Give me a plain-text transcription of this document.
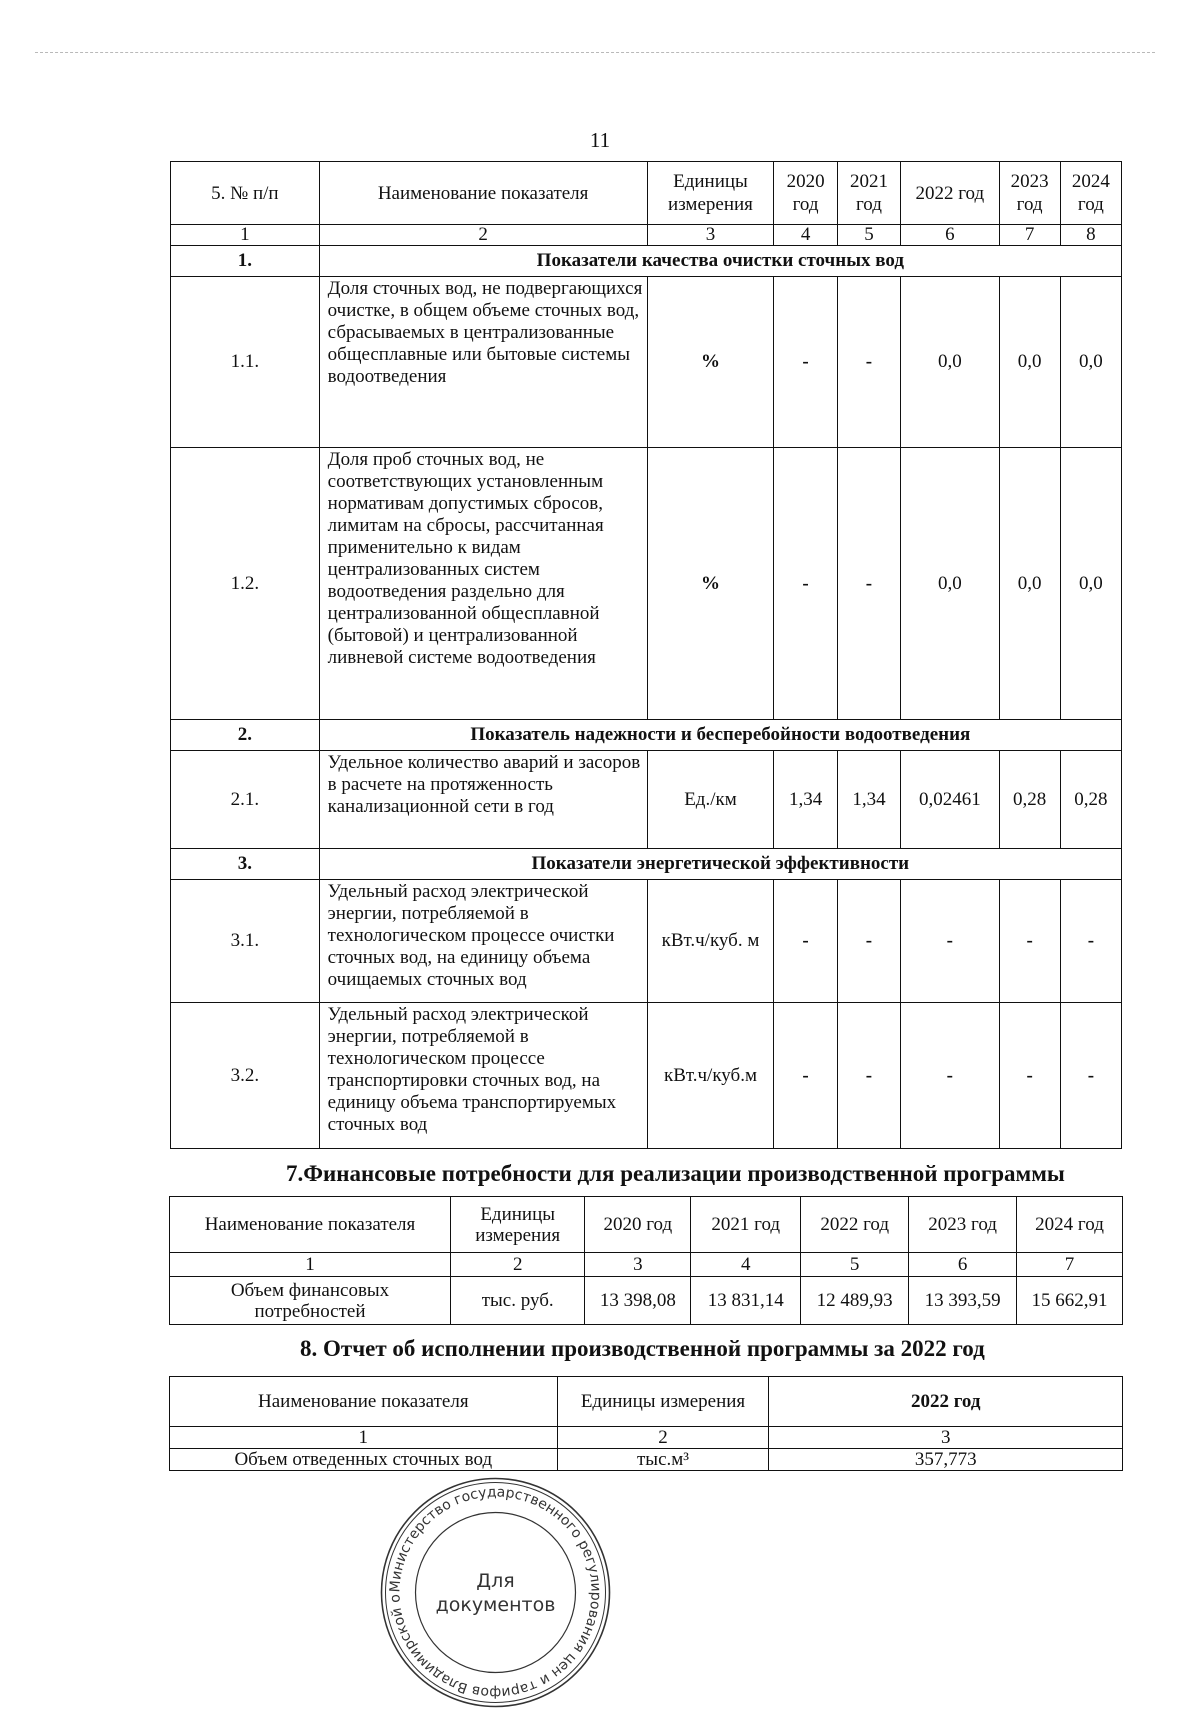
11
5. № п/п	Наименование показателя	Единицы измерения	2020 год	2021 год	2022 год	2023 год	2024 год
1	2	3	4	5	6	7	8
1.	Показатели качества очистки сточных вод						
1.1.	Доля сточных вод, не подвергающихся очистке, в общем объеме сточных вод, сбрасываемых в централизованные общесплавные или бытовые системы водоотведения	%	-	-	0,0	0,0	0,0
1.2.	Доля проб сточных вод, не соответствующих установленным нормативам допустимых сбросов, лимитам на сбросы, рассчитанная применительно к видам централизованных систем водоотведения раздельно для централизованной общесплавной (бытовой) и централизованной ливневой системе водоотведения	%	-	-	0,0	0,0	0,0
2.	Показатель надежности и бесперебойности водоотведения						
2.1.	Удельное количество аварий и засоров в расчете на протяженность канализационной сети в год	Ед./км	1,34	1,34	0,02461	0,28	0,28
3.	Показатели энергетической эффективности						
3.1.	Удельный расход электрической энергии, потребляемой в технологическом процессе очистки сточных вод, на единицу объема очищаемых сточных вод	кВт.ч/куб. м	-	-	-	-	-
3.2.	Удельный расход электрической энергии, потребляемой в технологическом процессе транспортировки сточных вод, на единицу объема транспортируемых сточных вод	кВт.ч/куб.м	-	-	-	-	-
7.Финансовые потребности для реализации производственной программы
Наименование показателя	Единицы измерения	2020 год	2021 год	2022 год	2023 год	2024 год
1	2	3	4	5	6	7
Объем финансовых потребностей	тыс. руб.	13 398,08	13 831,14	12 489,93	13 393,59	15 662,91
8. Отчет об исполнении производственной программы за 2022 год
Наименование показателя	Единицы измерения	2022 год
1	2	3
Объем отведенных сточных вод	тыс.м³	357,773
Министерство государственного регулирования цен и тарифов Владимирской о
Для
документов
